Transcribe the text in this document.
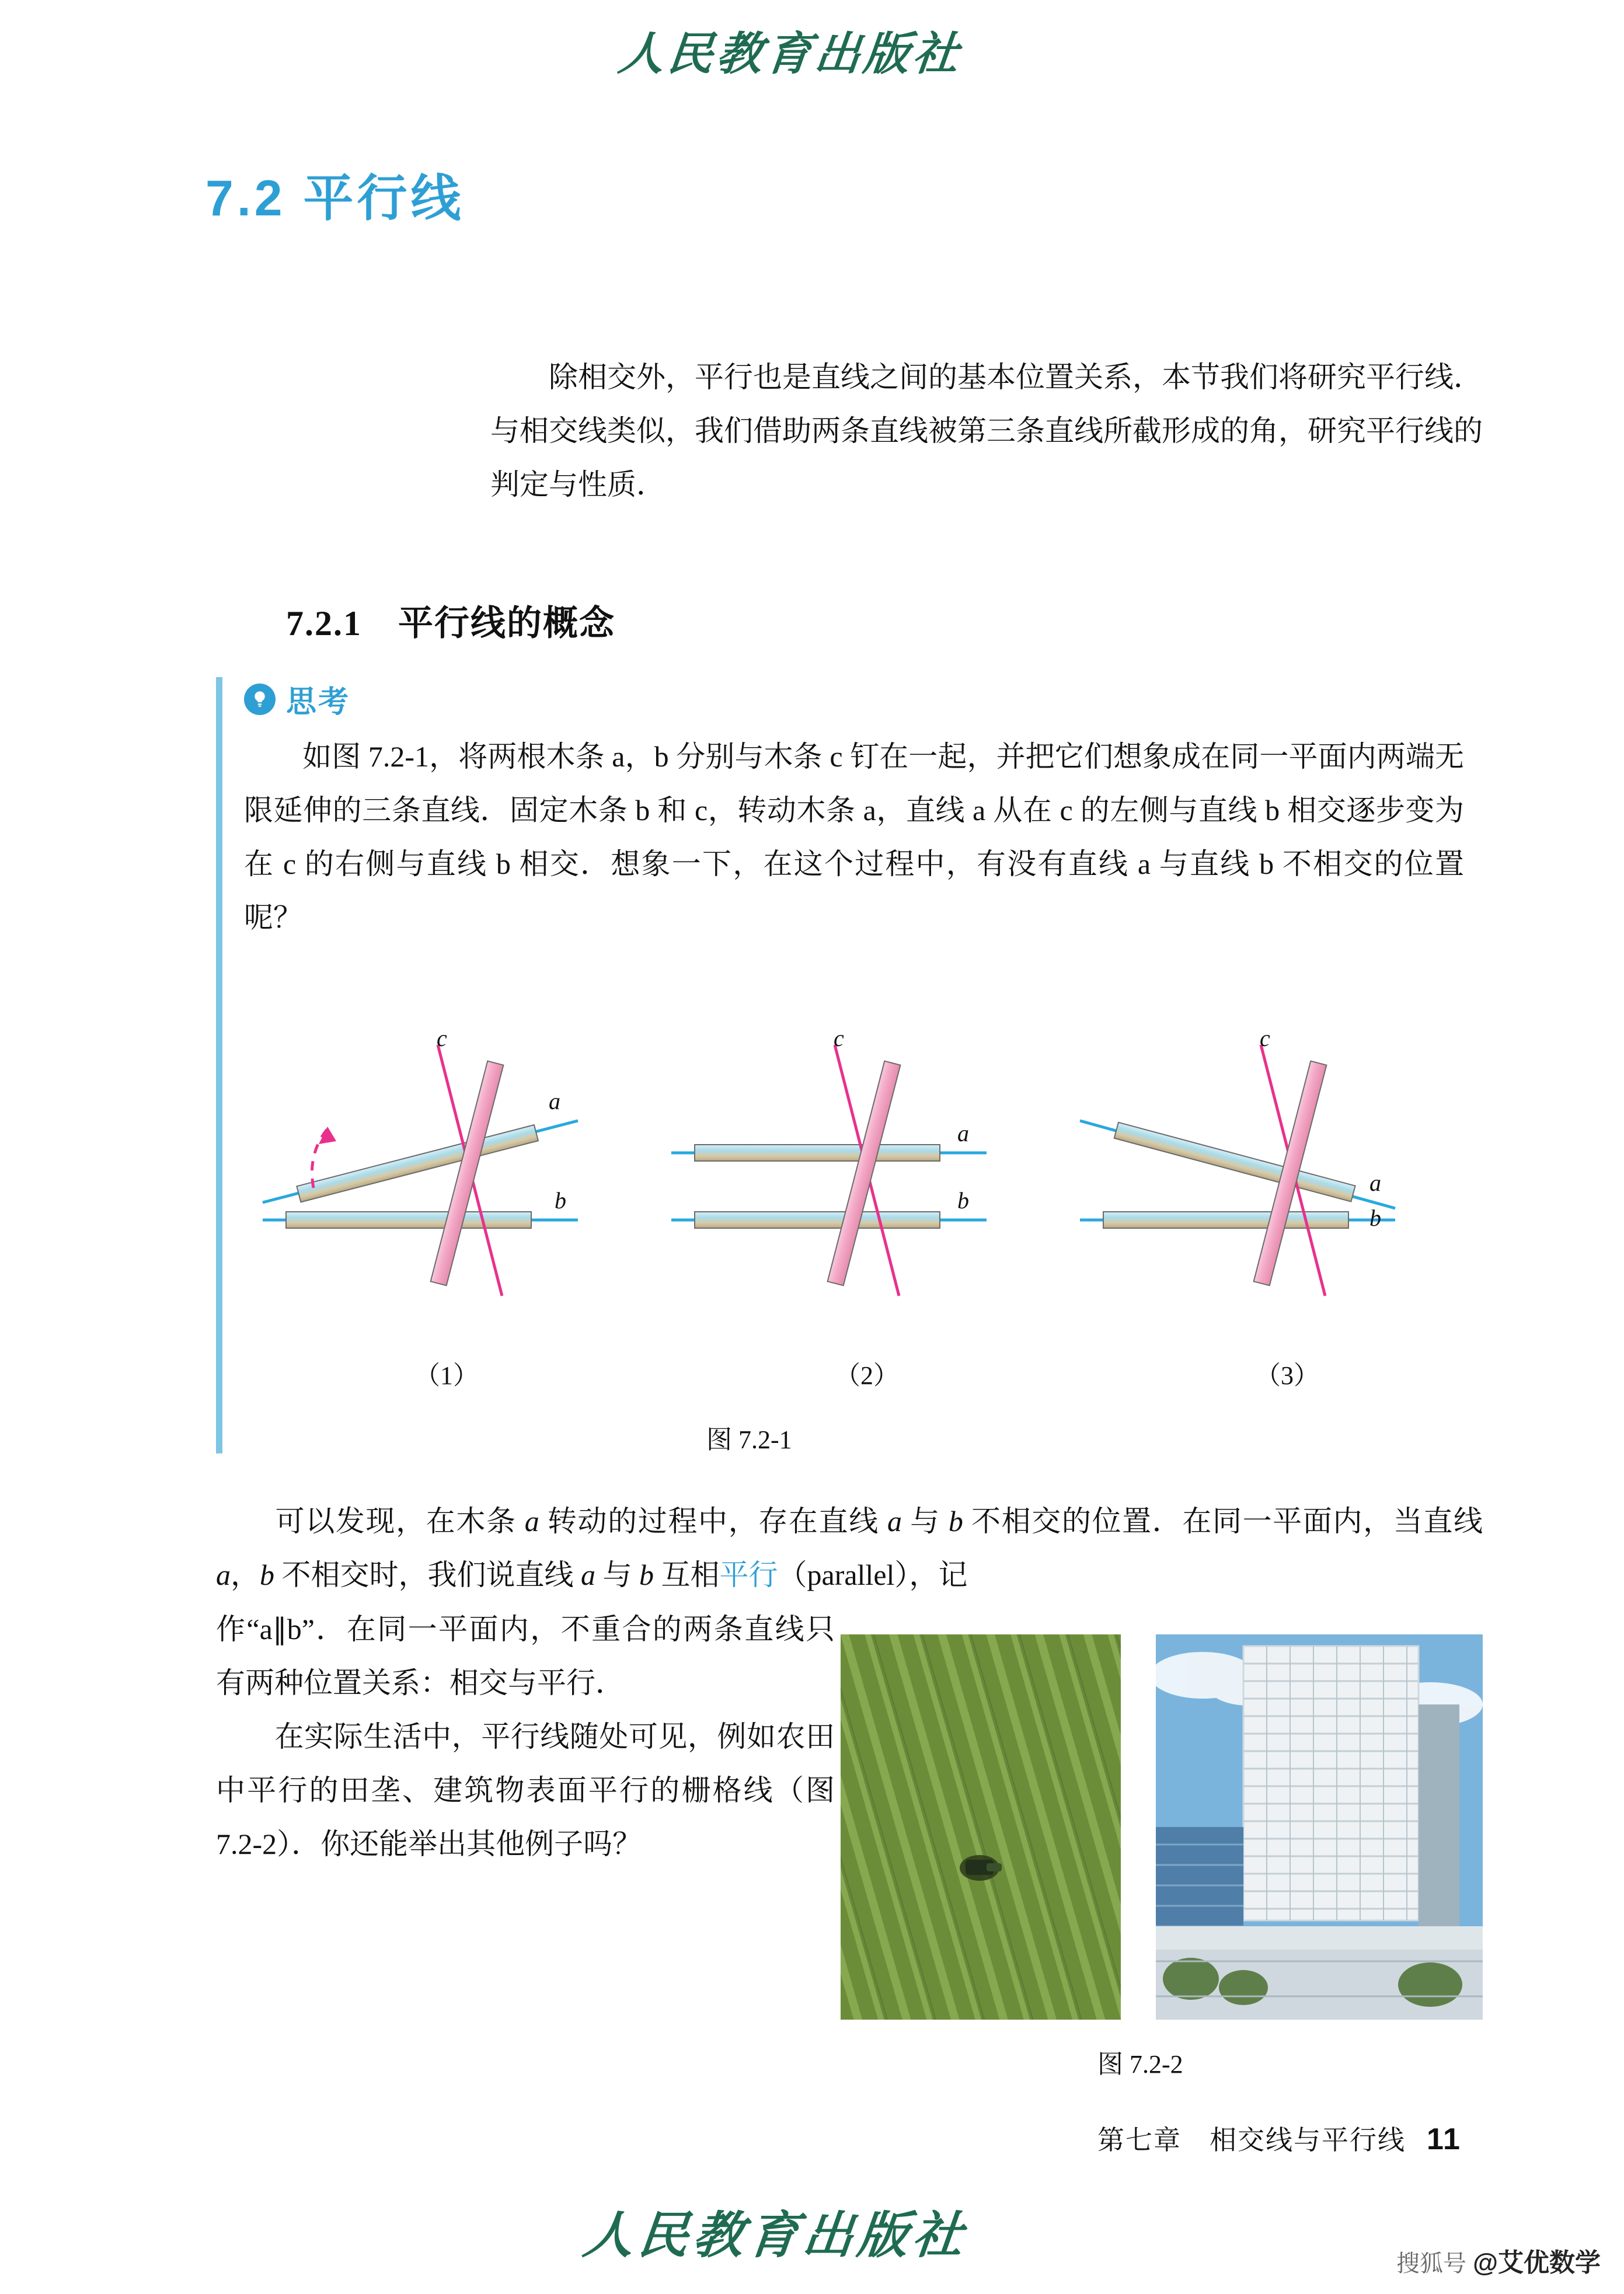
人民教育出版社
7.2 平行线
除相交外，平行也是直线之间的基本位置关系，本节我们将研究平行线．与相交线类似，我们借助两条直线被第三条直线所截形成的角，研究平行线的判定与性质．
7.2.1　平行线的概念
思考
如图 7.2-1，将两根木条 a，b 分别与木条 c 钉在一起，并把它们想象成在同一平面内两端无限延伸的三条直线．固定木条 b 和 c，转动木条 a，直线 a 从在 c 的左侧与直线 b 相交逐步变为在 c 的右侧与直线 b 相交．想象一下，在这个过程中，有没有直线 a 与直线 b 不相交的位置呢？
a
b
c
a
b
c
a
b
c
（1）	（2）	（3）
图 7.2-1
可以发现，在木条 a 转动的过程中，存在直线 a 与 b 不相交的位置．在同一平面内，当直线 a，b 不相交时，我们说直线 a 与 b 互相平行（parallel），记
作“a∥b”．在同一平面内，不重合的两条直线只有两种位置关系：相交与平行．
在实际生活中，平行线随处可见，例如农田中平行的田垄、建筑物表面平行的栅格线（图 7.2-2）．你还能举出其他例子吗？
图 7.2-2
第七章　相交线与平行线 11
人民教育出版社	搜狐号 @艾优数学
